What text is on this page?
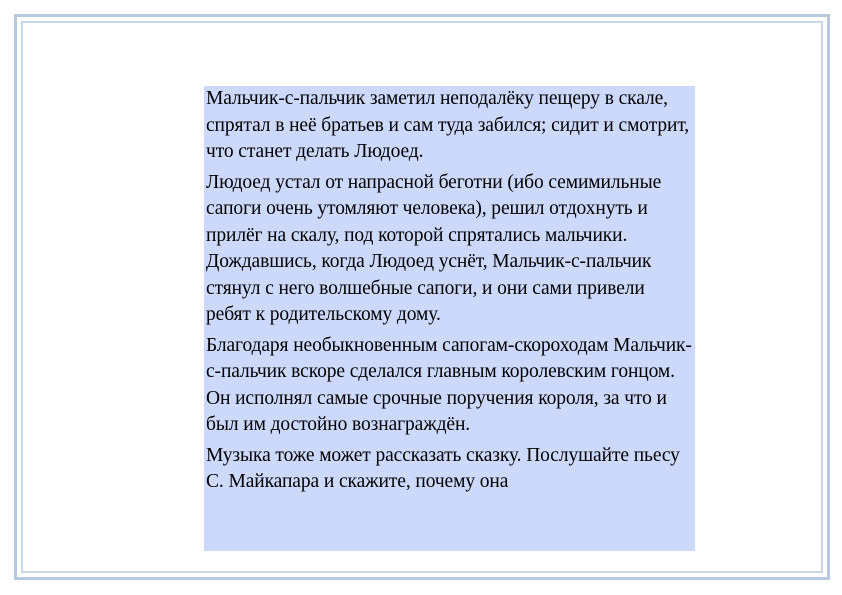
Мальчик-с-пальчик заметил неподалёку пещеру в скале, спрятал в неё братьев и сам туда забился; сидит и смотрит, что станет делать Людоед.

Людоед устал от напрасной беготни (ибо семимильные сапоги очень утомляют человека), решил отдохнуть и прилёг на скалу, под которой спрятались мальчики. Дождавшись, когда Людоед уснёт, Мальчик-с-пальчик стянул с него волшебные сапоги, и они сами привели ребят к родительскому дому.

Благодаря необыкновенным сапогам-скороходам Мальчик-с-пальчик вскоре сделался главным королевским гонцом. Он исполнял самые срочные поручения короля, за что и был им достойно вознаграждён.

Музыка тоже может рассказать сказку. Послушайте пьесу С. Майкапара и скажите, почему она
